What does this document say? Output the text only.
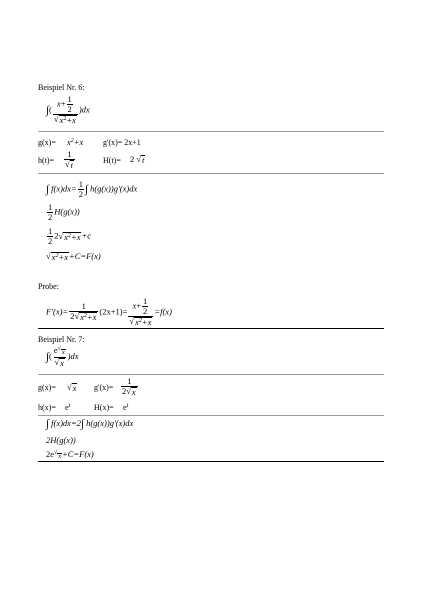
Beispiel Nr. 6:
∫( $\frac{x+ \frac{1}{2}}{√ x^2+x} )dx$
$g(x)= x^2+x$ g'(x)= 2x+1
$h(t)= \frac{1}{√ t}$	H(t)= 2 √ t
∫ $f(x)dx= \frac{1}{2}$ ∫ h(g(x))g'(x)dx
$\frac{1}{2} H(g(x))$
$\frac{1}{2} 2$ √ $x^2+x +c$
√ $x^2+x +C=F(x)$
Probe:
$F'(x)= \frac{1}{2 √ x^2+x} (2x+1)= \frac{x+ \frac{1}{2}}{√ x^2+x} =f(x)$
Beispiel Nr. 7:
∫( e $^{√ x}$
√ x )dx
g(x)= √ x $g'(x)= \frac{1}{2 √ x}$
$h(x)= e^t$	$H(x)= e^t$
∫ f(x)dx=2∫ h(g(x))g'(x)dx
2H(g(x))
2e $^{√ x}$ +C=F(x)
